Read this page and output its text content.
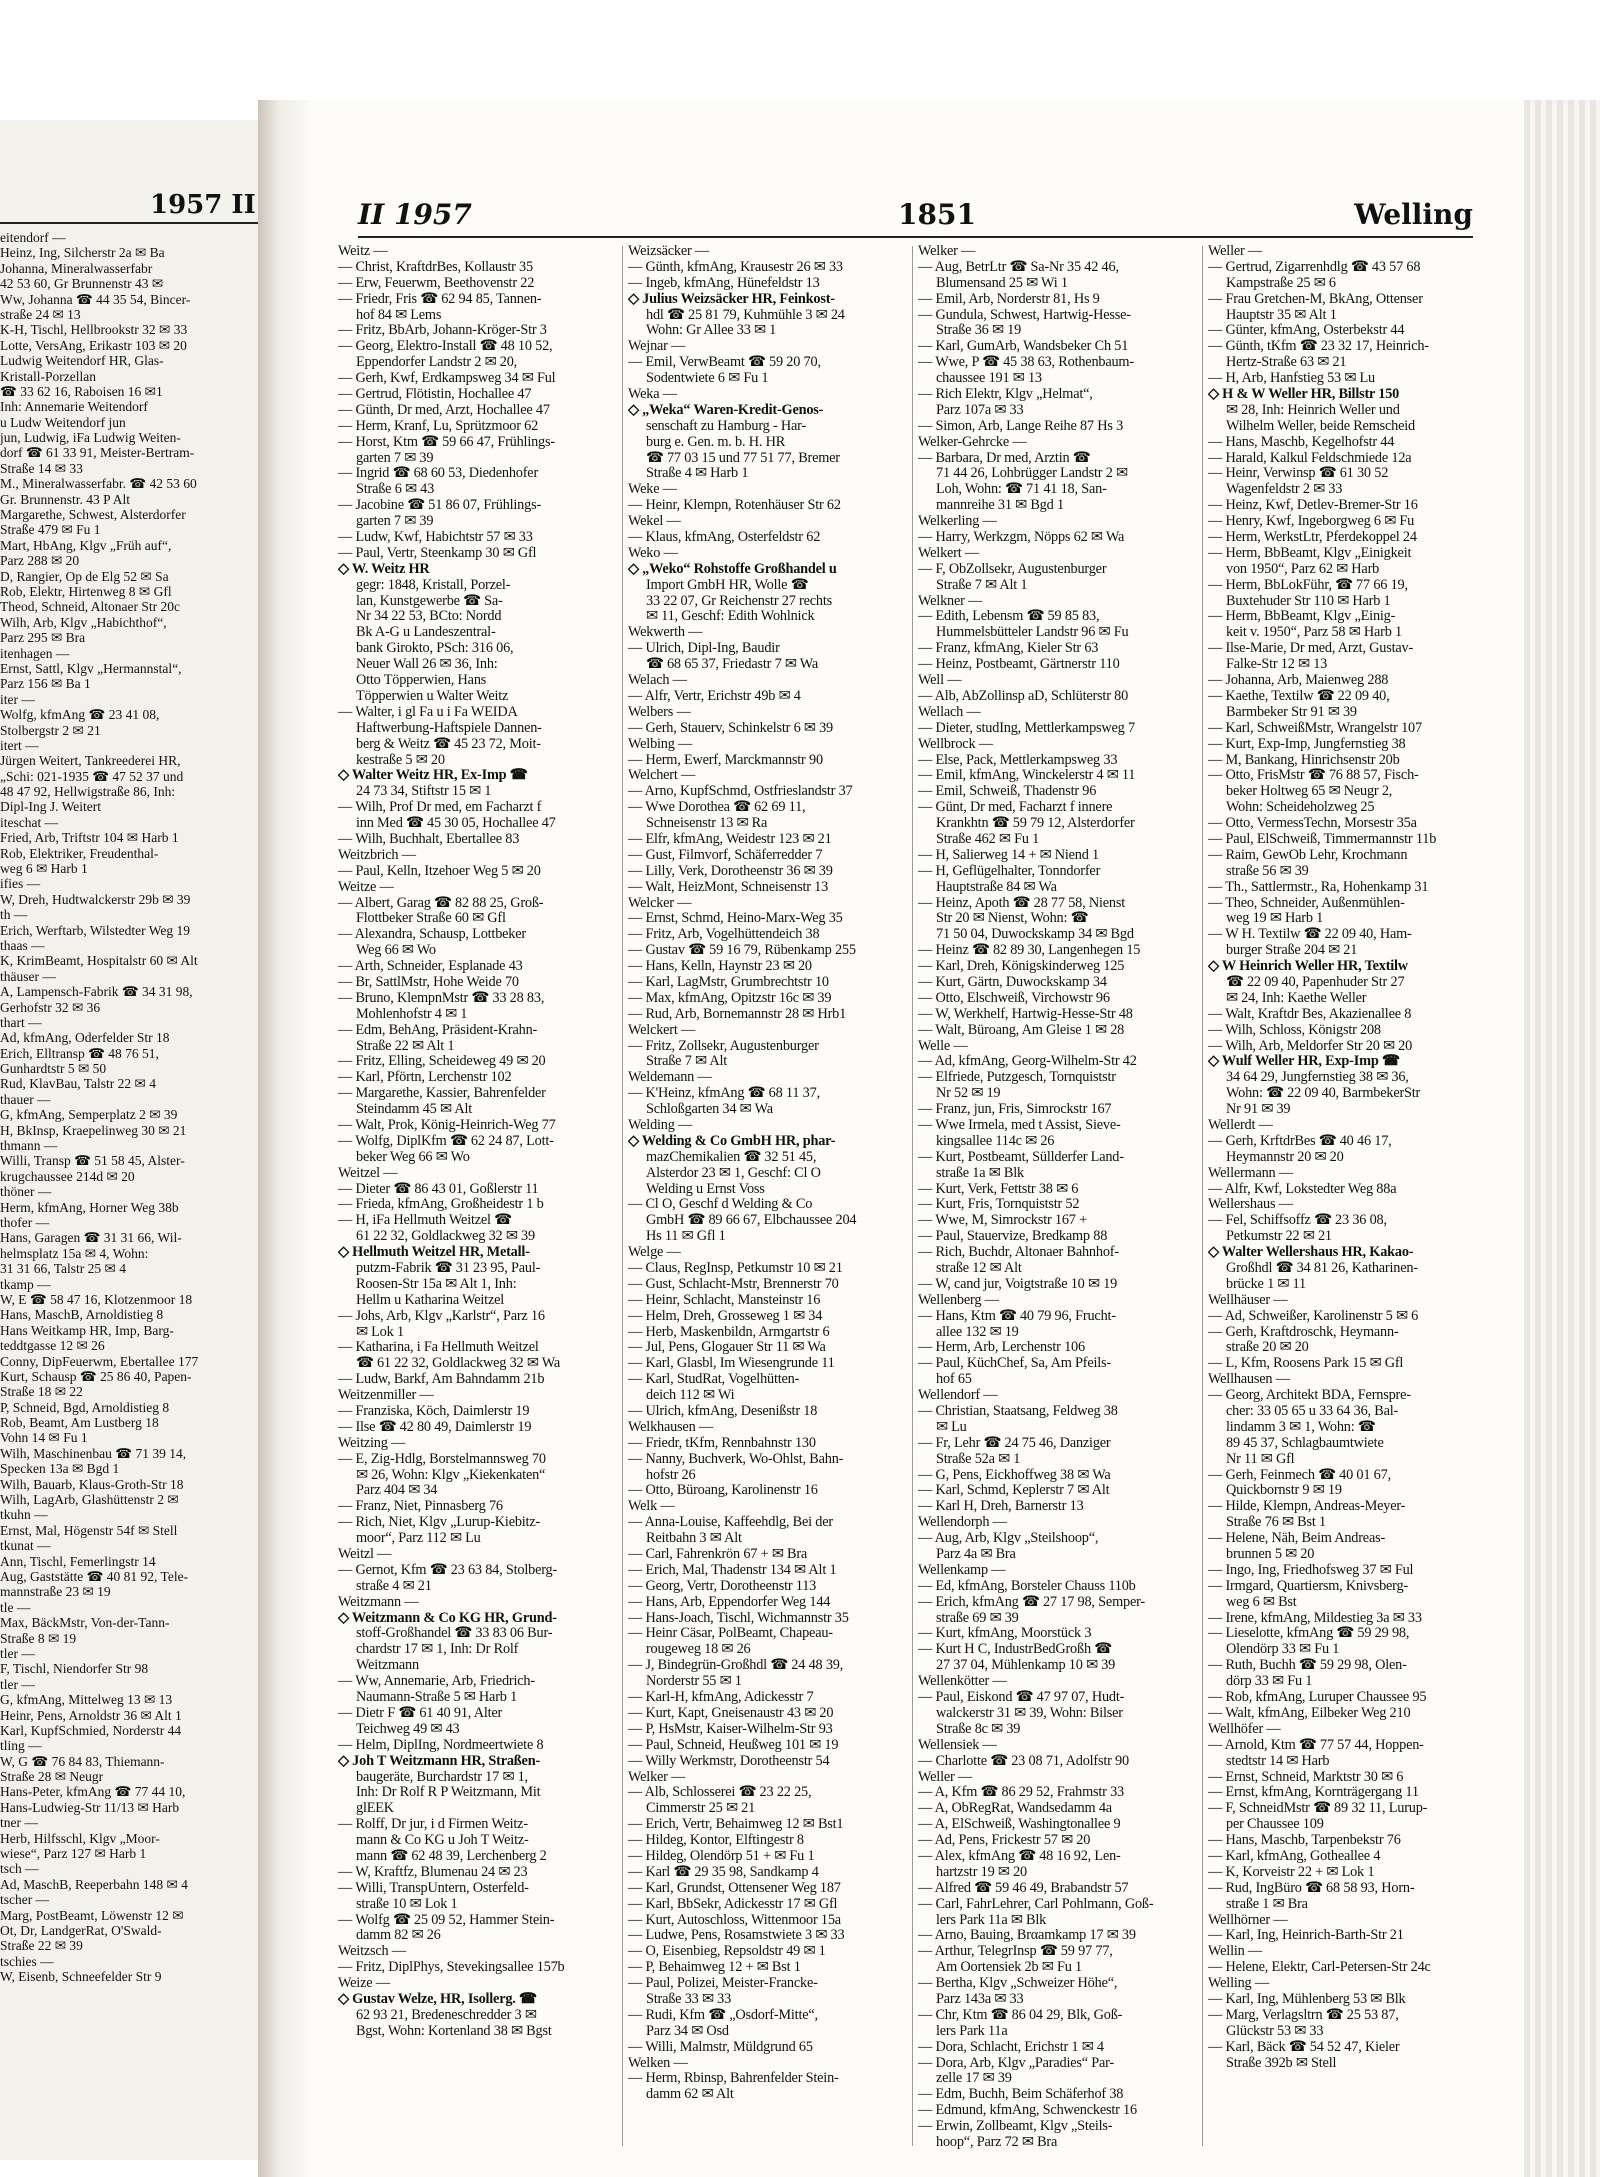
1957 II
eitendorf —
Heinz, Ing, Silcherstr 2a ✉ Ba
Johanna, Mineralwasserfabr
42 53 60, Gr Brunnenstr 43 ✉
Ww, Johanna ☎ 44 35 54, Bincer-
straße 24 ✉ 13
K-H, Tischl, Hellbrookstr 32 ✉ 33
Lotte, VersAng, Erikastr 103 ✉ 20
Ludwig Weitendorf HR, Glas-
Kristall-Porzellan
☎ 33 62 16, Raboisen 16 ✉1
Inh: Annemarie Weitendorf
u Ludw Weitendorf jun
jun, Ludwig, iFa Ludwig Weiten-
dorf ☎ 61 33 91, Meister-Bertram-
Straße 14 ✉ 33
M., Mineralwasserfabr. ☎ 42 53 60
Gr. Brunnenstr. 43 P Alt
Margarethe, Schwest, Alsterdorfer
Straße 479 ✉ Fu 1
Mart, HbAng, Klgv „Früh auf“,
Parz 288 ✉ 20
D, Rangier, Op de Elg 52 ✉ Sa
Rob, Elektr, Hirtenweg 8 ✉ Gfl
Theod, Schneid, Altonaer Str 20c
Wilh, Arb, Klgv „Habichthof“,
Parz 295 ✉ Bra
itenhagen —
Ernst, Sattl, Klgv „Hermannstal“,
Parz 156 ✉ Ba 1
iter —
Wolfg, kfmAng ☎ 23 41 08,
Stolbergstr 2 ✉ 21
itert —
Jürgen Weitert, Tankreederei HR,
„Schi: 021-1935 ☎ 47 52 37 und
48 47 92, Hellwigstraße 86, Inh:
Dipl-Ing J. Weitert
iteschat —
Fried, Arb, Triftstr 104 ✉ Harb 1
Rob, Elektriker, Freudenthal-
weg 6 ✉ Harb 1
ifies —
W, Dreh, Hudtwalckerstr 29b ✉ 39
th —
Erich, Werftarb, Wilstedter Weg 19
thaas —
K, KrimBeamt, Hospitalstr 60 ✉ Alt
thäuser —
A, Lampensch-Fabrik ☎ 34 31 98,
Gerhofstr 32 ✉ 36
thart —
Ad, kfmAng, Oderfelder Str 18
Erich, Elltransp ☎ 48 76 51,
Gunhardtstr 5 ✉ 50
Rud, KlavBau, Talstr 22 ✉ 4
thauer —
G, kfmAng, Semperplatz 2 ✉ 39
H, BkInsp, Kraepelinweg 30 ✉ 21
thmann —
Willi, Transp ☎ 51 58 45, Alster-
krugchaussee 214d ✉ 20
thöner —
Herm, kfmAng, Horner Weg 38b
thofer —
Hans, Garagen ☎ 31 31 66, Wil-
helmsplatz 15a ✉ 4, Wohn:
31 31 66, Talstr 25 ✉ 4
tkamp —
W, E ☎ 58 47 16, Klotzenmoor 18
Hans, MaschB, Arnoldistieg 8
Hans Weitkamp HR, Imp, Barg-
teddtgasse 12 ✉ 26
Conny, DipFeuerwm, Ebertallee 177
Kurt, Schausp ☎ 25 86 40, Papen-
Straße 18 ✉ 22
P, Schneid, Bgd, Arnoldistieg 8
Rob, Beamt, Am Lustberg 18
Vohn 14 ✉ Fu 1
Wilh, Maschinenbau ☎ 71 39 14,
Specken 13a ✉ Bgd 1
Wilh, Bauarb, Klaus-Groth-Str 18
Wilh, LagArb, Glashüttenstr 2 ✉
tkuhn —
Ernst, Mal, Högenstr 54f ✉ Stell
tkunat —
Ann, Tischl, Femerlingstr 14
Aug, Gaststätte ☎ 40 81 92, Tele-
mannstraße 23 ✉ 19
tle —
Max, BäckMstr, Von-der-Tann-
Straße 8 ✉ 19
tler —
F, Tischl, Niendorfer Str 98
tler —
G, kfmAng, Mittelweg 13 ✉ 13
Heinr, Pens, Arnoldstr 36 ✉ Alt 1
Karl, KupfSchmied, Norderstr 44
tling —
W, G ☎ 76 84 83, Thiemann-
Straße 28 ✉ Neugr
Hans-Peter, kfmAng ☎ 77 44 10,
Hans-Ludwieg-Str 11/13 ✉ Harb
tner —
Herb, Hilfsschl, Klgv „Moor-
wiese“, Parz 127 ✉ Harb 1
tsch —
Ad, MaschB, Reeperbahn 148 ✉ 4
tscher —
Marg, PostBeamt, Löwenstr 12 ✉
Ot, Dr, LandgerRat, O'Swald-
Straße 22 ✉ 39
tschies —
W, Eisenb, Schneefelder Str 9
II 1957	1851	Welling
Weitz —
— Christ, KraftdrBes, Kollaustr 35
— Erw, Feuerwm, Beethovenstr 22
— Friedr, Fris ☎ 62 94 85, Tannen-
hof 84 ✉ Lems
— Fritz, BbArb, Johann-Kröger-Str 3
— Georg, Elektro-Install ☎ 48 10 52,
Eppendorfer Landstr 2 ✉ 20,
— Gerh, Kwf, Erdkampsweg 34 ✉ Ful
— Gertrud, Flötistin, Hochallee 47
— Günth, Dr med, Arzt, Hochallee 47
— Herm, Kranf, Lu, Sprützmoor 62
— Horst, Ktm ☎ 59 66 47, Frühlings-
garten 7 ✉ 39
— Ingrid ☎ 68 60 53, Diedenhofer
Straße 6 ✉ 43
— Jacobine ☎ 51 86 07, Frühlings-
garten 7 ✉ 39
— Ludw, Kwf, Habichtstr 57 ✉ 33
— Paul, Vertr, Steenkamp 30 ✉ Gfl
◇ W. Weitz HR
gegr: 1848, Kristall, Porzel-
lan, Kunstgewerbe ☎ Sa-
Nr 34 22 53, BCto: Nordd
Bk A-G u Landeszentral-
bank Girokto, PSch: 316 06,
Neuer Wall 26 ✉ 36, Inh:
Otto Töpperwien, Hans
Töpperwien u Walter Weitz
— Walter, i gl Fa u i Fa WEIDA
Haftwerbung-Haftspiele Dannen-
berg & Weitz ☎ 45 23 72, Moit-
kestraße 5 ✉ 20
◇ Walter Weitz HR, Ex-Imp ☎
24 73 34, Stiftstr 15 ✉ 1
— Wilh, Prof Dr med, em Facharzt f
inn Med ☎ 45 30 05, Hochallee 47
— Wilh, Buchhalt, Ebertallee 83
Weitzbrich —
— Paul, Kelln, Itzehoer Weg 5 ✉ 20
Weitze —
— Albert, Garag ☎ 82 88 25, Groß-
Flottbeker Straße 60 ✉ Gfl
— Alexandra, Schausp, Lottbeker
Weg 66 ✉ Wo
— Arth, Schneider, Esplanade 43
— Br, SattlMstr, Hohe Weide 70
— Bruno, KlempnMstr ☎ 33 28 83,
Mohlenhofstr 4 ✉ 1
— Edm, BehAng, Präsident-Krahn-
Straße 22 ✉ Alt 1
— Fritz, Elling, Scheideweg 49 ✉ 20
— Karl, Pförtn, Lerchenstr 102
— Margarethe, Kassier, Bahrenfelder
Steindamm 45 ✉ Alt
— Walt, Prok, König-Heinrich-Weg 77
— Wolfg, DiplKfm ☎ 62 24 87, Lott-
beker Weg 66 ✉ Wo
Weitzel —
— Dieter ☎ 86 43 01, Goßlerstr 11
— Frieda, kfmAng, Großheidestr 1 b
— H, iFa Hellmuth Weitzel ☎
61 22 32, Goldlackweg 32 ✉ 39
◇ Hellmuth Weitzel HR, Metall-
putzm-Fabrik ☎ 31 23 95, Paul-
Roosen-Str 15a ✉ Alt 1, Inh:
Hellm u Katharina Weitzel
— Johs, Arb, Klgv „Karlstr“, Parz 16
✉ Lok 1
— Katharina, i Fa Hellmuth Weitzel
☎ 61 22 32, Goldlackweg 32 ✉ Wa
— Ludw, Barkf, Am Bahndamm 21b
Weitzenmiller —
— Franziska, Köch, Daimlerstr 19
— Ilse ☎ 42 80 49, Daimlerstr 19
Weitzing —
— E, Zig-Hdlg, Borstelmannsweg 70
✉ 26, Wohn: Klgv „Kiekenkaten“
Parz 404 ✉ 34
— Franz, Niet, Pinnasberg 76
— Rich, Niet, Klgv „Lurup-Kiebitz-
moor“, Parz 112 ✉ Lu
Weitzl —
— Gernot, Kfm ☎ 23 63 84, Stolberg-
straße 4 ✉ 21
Weitzmann —
◇ Weitzmann & Co KG HR, Grund-
stoff-Großhandel ☎ 33 83 06 Bur-
chardstr 17 ✉ 1, Inh: Dr Rolf
Weitzmann
— Ww, Annemarie, Arb, Friedrich-
Naumann-Straße 5 ✉ Harb 1
— Dietr F ☎ 61 40 91, Alter
Teichweg 49 ✉ 43
— Helm, DiplIng, Nordmeertwiete 8
◇ Joh T Weitzmann HR, Straßen-
baugeräte, Burchardstr 17 ✉ 1,
Inh: Dr Rolf R P Weitzmann, Mit
glEEK
— Rolff, Dr jur, i d Firmen Weitz-
mann & Co KG u Joh T Weitz-
mann ☎ 62 48 39, Lerchenberg 2
— W, Kraftfz, Blumenau 24 ✉ 23
— Willi, TranspUntern, Osterfeld-
straße 10 ✉ Lok 1
— Wolfg ☎ 25 09 52, Hammer Stein-
damm 82 ✉ 26
Weitzsch —
— Fritz, DiplPhys, Stevekingsallee 157b
Weize —
◇ Gustav Welze, HR, Isollerg. ☎
62 93 21, Bredeneschredder 3 ✉
Bgst, Wohn: Kortenland 38 ✉ Bgst
Weizsäcker —
— Günth, kfmAng, Krausestr 26 ✉ 33
— Ingeb, kfmAng, Hünefeldstr 13
◇ Julius Weizsäcker HR, Feinkost-
hdl ☎ 25 81 79, Kuhmühle 3 ✉ 24
Wohn: Gr Allee 33 ✉ 1
Wejnar —
— Emil, VerwBeamt ☎ 59 20 70,
Sodentwiete 6 ✉ Fu 1
Weka —
◇ „Weka“ Waren-Kredit-Genos-
senschaft zu Hamburg - Har-
burg e. Gen. m. b. H. HR
☎ 77 03 15 und 77 51 77, Bremer
Straße 4 ✉ Harb 1
Weke —
— Heinr, Klempn, Rotenhäuser Str 62
Wekel —
— Klaus, kfmAng, Osterfeldstr 62
Weko —
◇ „Weko“ Rohstoffe Großhandel u
Import GmbH HR, Wolle ☎
33 22 07, Gr Reichenstr 27 rechts
✉ 11, Geschf: Edith Wohlnick
Wekwerth —
— Ulrich, Dipl-Ing, Baudir
☎ 68 65 37, Friedastr 7 ✉ Wa
Welach —
— Alfr, Vertr, Erichstr 49b ✉ 4
Welbers —
— Gerh, Stauerv, Schinkelstr 6 ✉ 39
Welbing —
— Herm, Ewerf, Marckmannstr 90
Welchert —
— Arno, KupfSchmd, Ostfrieslandstr 37
— Wwe Dorothea ☎ 62 69 11,
Schneisenstr 13 ✉ Ra
— Elfr, kfmAng, Weidestr 123 ✉ 21
— Gust, Filmvorf, Schäferredder 7
— Lilly, Verk, Dorotheenstr 36 ✉ 39
— Walt, HeizMont, Schneisenstr 13
Welcker —
— Ernst, Schmd, Heino-Marx-Weg 35
— Fritz, Arb, Vogelhüttendeich 38
— Gustav ☎ 59 16 79, Rübenkamp 255
— Hans, Kelln, Haynstr 23 ✉ 20
— Karl, LagMstr, Grumbrechtstr 10
— Max, kfmAng, Opitzstr 16c ✉ 39
— Rud, Arb, Bornemannstr 28 ✉ Hrb1
Welckert —
— Fritz, Zollsekr, Augustenburger
Straße 7 ✉ Alt
Weldemann —
— K'Heinz, kfmAng ☎ 68 11 37,
Schloßgarten 34 ✉ Wa
Welding —
◇ Welding & Co GmbH HR, phar-
mazChemikalien ☎ 32 51 45,
Alsterdor 23 ✉ 1, Geschf: Cl O
Welding u Ernst Voss
— Cl O, Geschf d Welding & Co
GmbH ☎ 89 66 67, Elbchaussee 204
Hs 11 ✉ Gfl 1
Welge —
— Claus, RegInsp, Petkumstr 10 ✉ 21
— Gust, Schlacht-Mstr, Brennerstr 70
— Heinr, Schlacht, Mansteinstr 16
— Helm, Dreh, Grosseweg 1 ✉ 34
— Herb, Maskenbildn, Armgartstr 6
— Jul, Pens, Glogauer Str 11 ✉ Wa
— Karl, Glasbl, Im Wiesengrunde 11
— Karl, StudRat, Vogelhütten-
deich 112 ✉ Wi
— Ulrich, kfmAng, Desenißstr 18
Welkhausen —
— Friedr, tKfm, Rennbahnstr 130
— Nanny, Buchverk, Wo-Ohlst, Bahn-
hofstr 26
— Otto, Büroang, Karolinenstr 16
Welk —
— Anna-Louise, Kaffeehdlg, Bei der
Reitbahn 3 ✉ Alt
— Carl, Fahrenkrön 67 + ✉ Bra
— Erich, Mal, Thadenstr 134 ✉ Alt 1
— Georg, Vertr, Dorotheenstr 113
— Hans, Arb, Eppendorfer Weg 144
— Hans-Joach, Tischl, Wichmannstr 35
— Heinr Cäsar, PolBeamt, Chapeau-
rougeweg 18 ✉ 26
— J, Bindegrün-Großhdl ☎ 24 48 39,
Norderstr 55 ✉ 1
— Karl-H, kfmAng, Adickesstr 7
— Kurt, Kapt, Gneisenaustr 43 ✉ 20
— P, HsMstr, Kaiser-Wilhelm-Str 93
— Paul, Schneid, Heußweg 101 ✉ 19
— Willy Werkmstr, Dorotheenstr 54
Welker —
— Alb, Schlosserei ☎ 23 22 25,
Cimmerstr 25 ✉ 21
— Erich, Vertr, Behaimweg 12 ✉ Bst1
— Hildeg, Kontor, Elftingestr 8
— Hildeg, Olendörp 51 + ✉ Fu 1
— Karl ☎ 29 35 98, Sandkamp 4
— Karl, Grundst, Ottensener Weg 187
— Karl, BbSekr, Adickesstr 17 ✉ Gfl
— Kurt, Autoschloss, Wittenmoor 15a
— Ludwe, Pens, Rosamstwiete 3 ✉ 33
— O, Eisenbieg, Repsoldstr 49 ✉ 1
— P, Behaimweg 12 + ✉ Bst 1
— Paul, Polizei, Meister-Francke-
Straße 33 ✉ 33
— Rudi, Kfm ☎ „Osdorf-Mitte“,
Parz 34 ✉ Osd
— Willi, Malmstr, Müldgrund 65
Welken —
— Herm, Rbinsp, Bahrenfelder Stein-
damm 62 ✉ Alt
Welker —
— Aug, BetrLtr ☎ Sa-Nr 35 42 46,
Blumensand 25 ✉ Wi 1
— Emil, Arb, Norderstr 81, Hs 9
— Gundula, Schwest, Hartwig-Hesse-
Straße 36 ✉ 19
— Karl, GumArb, Wandsbeker Ch 51
— Wwe, P ☎ 45 38 63, Rothenbaum-
chaussee 191 ✉ 13
— Rich Elektr, Klgv „Helmat“,
Parz 107a ✉ 33
— Simon, Arb, Lange Reihe 87 Hs 3
Welker-Gehrcke —
— Barbara, Dr med, Arztin ☎
71 44 26, Lohbrügger Landstr 2 ✉
Loh, Wohn: ☎ 71 41 18, San-
mannreihe 31 ✉ Bgd 1
Welkerling —
— Harry, Werkzgm, Nöpps 62 ✉ Wa
Welkert —
— F, ObZollsekr, Augustenburger
Straße 7 ✉ Alt 1
Welkner —
— Edith, Lebensm ☎ 59 85 83,
Hummelsbütteler Landstr 96 ✉ Fu
— Franz, kfmAng, Kieler Str 63
— Heinz, Postbeamt, Gärtnerstr 110
Well —
— Alb, AbZollinsp aD, Schlüterstr 80
Wellach —
— Dieter, studIng, Mettlerkampsweg 7
Wellbrock —
— Else, Pack, Mettlerkampsweg 33
— Emil, kfmAng, Winckelerstr 4 ✉ 11
— Emil, Schweiß, Thadenstr 96
— Günt, Dr med, Facharzt f innere
Krankhtn ☎ 59 79 12, Alsterdorfer
Straße 462 ✉ Fu 1
— H, Salierweg 14 + ✉ Niend 1
— H, Geflügelhalter, Tonndorfer
Hauptstraße 84 ✉ Wa
— Heinz, Apoth ☎ 28 77 58, Nienst
Str 20 ✉ Nienst, Wohn: ☎
71 50 04, Duwockskamp 34 ✉ Bgd
— Heinz ☎ 82 89 30, Langenhegen 15
— Karl, Dreh, Königskinderweg 125
— Kurt, Gärtn, Duwockskamp 34
— Otto, Elschweiß, Virchowstr 96
— W, Werkhelf, Hartwig-Hesse-Str 48
— Walt, Büroang, Am Gleise 1 ✉ 28
Welle —
— Ad, kfmAng, Georg-Wilhelm-Str 42
— Elfriede, Putzgesch, Tornquiststr
Nr 52 ✉ 19
— Franz, jun, Fris, Simrockstr 167
— Wwe Irmela, med t Assist, Sieve-
kingsallee 114c ✉ 26
— Kurt, Postbeamt, Süllderfer Land-
straße 1a ✉ Blk
— Kurt, Verk, Fettstr 38 ✉ 6
— Kurt, Fris, Tornquiststr 52
— Wwe, M, Simrockstr 167 +
— Paul, Stauervize, Bredkamp 88
— Rich, Buchdr, Altonaer Bahnhof-
straße 12 ✉ Alt
— W, cand jur, Voigtstraße 10 ✉ 19
Wellenberg —
— Hans, Ktm ☎ 40 79 96, Frucht-
allee 132 ✉ 19
— Herm, Arb, Lerchenstr 106
— Paul, KüchChef, Sa, Am Pfeils-
hof 65
Wellendorf —
— Christian, Staatsang, Feldweg 38
✉ Lu
— Fr, Lehr ☎ 24 75 46, Danziger
Straße 52a ✉ 1
— G, Pens, Eickhoffweg 38 ✉ Wa
— Karl, Schmd, Keplerstr 7 ✉ Alt
— Karl H, Dreh, Barnerstr 13
Wellendorph —
— Aug, Arb, Klgv „Steilshoop“,
Parz 4a ✉ Bra
Wellenkamp —
— Ed, kfmAng, Borsteler Chauss 110b
— Erich, kfmAng ☎ 27 17 98, Semper-
straße 69 ✉ 39
— Kurt, kfmAng, Moorstück 3
— Kurt H C, IndustrBedGroßh ☎
27 37 04, Mühlenkamp 10 ✉ 39
Wellenkötter —
— Paul, Eiskond ☎ 47 97 07, Hudt-
walckerstr 31 ✉ 39, Wohn: Bilser
Straße 8c ✉ 39
Wellensiek —
— Charlotte ☎ 23 08 71, Adolfstr 90
Weller —
— A, Kfm ☎ 86 29 52, Frahmstr 33
— A, ObRegRat, Wandsedamm 4a
— A, ElSchweiß, Washingtonallee 9
— Ad, Pens, Frickestr 57 ✉ 20
— Alex, kfmAng ☎ 48 16 92, Len-
hartzstr 19 ✉ 20
— Alfred ☎ 59 46 49, Brabandstr 57
— Carl, FahrLehrer, Carl Pohlmann, Goß-
lers Park 11a ✉ Blk
— Arno, Bauing, Brαamkamp 17 ✉ 39
— Arthur, TelegrInsp ☎ 59 97 77,
Am Oortensiek 2b ✉ Fu 1
— Bertha, Klgv „Schweizer Höhe“,
Parz 143a ✉ 33
— Chr, Ktm ☎ 86 04 29, Blk, Goß-
lers Park 11a
— Dora, Schlacht, Erichstr 1 ✉ 4
— Dora, Arb, Klgv „Paradies“ Par-
zelle 17 ✉ 39
— Edm, Buchh, Beim Schäferhof 38
— Edmund, kfmAng, Schwenckestr 16
— Erwin, Zollbeamt, Klgv „Steils-
hoop“, Parz 72 ✉ Bra
Weller —
— Gertrud, Zigarrenhdlg ☎ 43 57 68
Kampstraße 25 ✉ 6
— Frau Gretchen-M, BkAng, Ottenser
Hauptstr 35 ✉ Alt 1
— Günter, kfmAng, Osterbekstr 44
— Günth, tKfm ☎ 23 32 17, Heinrich-
Hertz-Straße 63 ✉ 21
— H, Arb, Hanfstieg 53 ✉ Lu
◇ H & W Weller HR, Billstr 150
✉ 28, Inh: Heinrich Weller und
Wilhelm Weller, beide Remscheid
— Hans, Maschb, Kegelhofstr 44
— Harald, Kalkul Feldschmiede 12a
— Heinr, Verwinsp ☎ 61 30 52
Wagenfeldstr 2 ✉ 33
— Heinz, Kwf, Detlev-Bremer-Str 16
— Henry, Kwf, Ingeborgweg 6 ✉ Fu
— Herm, WerkstLtr, Pferdekoppel 24
— Herm, BbBeamt, Klgv „Einigkeit
von 1950“, Parz 62 ✉ Harb
— Herm, BbLokFühr, ☎ 77 66 19,
Buxtehuder Str 110 ✉ Harb 1
— Herm, BbBeamt, Klgv „Einig-
keit v. 1950“, Parz 58 ✉ Harb 1
— Ilse-Marie, Dr med, Arzt, Gustav-
Falke-Str 12 ✉ 13
— Johanna, Arb, Maienweg 288
— Kaethe, Textilw ☎ 22 09 40,
Barmbeker Str 91 ✉ 39
— Karl, SchweißMstr, Wrangelstr 107
— Kurt, Exp-Imp, Jungfernstieg 38
— M, Bankang, Hinrichsenstr 20b
— Otto, FrisMstr ☎ 76 88 57, Fisch-
beker Holtweg 65 ✉ Neugr 2,
Wohn: Scheideholzweg 25
— Otto, VermessTechn, Morsestr 35a
— Paul, ElSchweiß, Timmermannstr 11b
— Raim, GewOb Lehr, Krochmann
straße 56 ✉ 39
— Th., Sattlermstr., Ra, Hohenkamp 31
— Theo, Schneider, Außenmühlen-
weg 19 ✉ Harb 1
— W H. Textilw ☎ 22 09 40, Ham-
burger Straße 204 ✉ 21
◇ W Heinrich Weller HR, Textilw
☎ 22 09 40, Papenhuder Str 27
✉ 24, Inh: Kaethe Weller
— Walt, Kraftdr Bes, Akazienallee 8
— Wilh, Schloss, Königstr 208
— Wilh, Arb, Meldorfer Str 20 ✉ 20
◇ Wulf Weller HR, Exp-Imp ☎
34 64 29, Jungfernstieg 38 ✉ 36,
Wohn: ☎ 22 09 40, BarmbekerStr
Nr 91 ✉ 39
Wellerdt —
— Gerh, KrftdrBes ☎ 40 46 17,
Heymannstr 20 ✉ 20
Wellermann —
— Alfr, Kwf, Lokstedter Weg 88a
Wellershaus —
— Fel, Schiffsoffz ☎ 23 36 08,
Petkumstr 22 ✉ 21
◇ Walter Wellershaus HR, Kakao-
Großhdl ☎ 34 81 26, Katharinen-
brücke 1 ✉ 11
Wellhäuser —
— Ad, Schweißer, Karolinenstr 5 ✉ 6
— Gerh, Kraftdroschk, Heymann-
straße 20 ✉ 20
— L, Kfm, Roosens Park 15 ✉ Gfl
Wellhausen —
— Georg, Architekt BDA, Fernspre-
cher: 33 05 65 u 33 64 36, Bal-
lindamm 3 ✉ 1, Wohn: ☎
89 45 37, Schlagbaumtwiete
Nr 11 ✉ Gfl
— Gerh, Feinmech ☎ 40 01 67,
Quickbornstr 9 ✉ 19
— Hilde, Klempn, Andreas-Meyer-
Straße 76 ✉ Bst 1
— Helene, Näh, Beim Andreas-
brunnen 5 ✉ 20
— Ingo, Ing, Friedhofsweg 37 ✉ Ful
— Irmgard, Quartiersm, Knivsberg-
weg 6 ✉ Bst
— Irene, kfmAng, Mildestieg 3a ✉ 33
— Lieselotte, kfmAng ☎ 59 29 98,
Olendörp 33 ✉ Fu 1
— Ruth, Buchh ☎ 59 29 98, Olen-
dörp 33 ✉ Fu 1
— Rob, kfmAng, Luruper Chaussee 95
— Walt, kfmAng, Eilbeker Weg 210
Wellhöfer —
— Arnold, Ktm ☎ 77 57 44, Hoppen-
stedtstr 14 ✉ Harb
— Ernst, Schneid, Marktstr 30 ✉ 6
— Ernst, kfmAng, Kornträgergang 11
— F, SchneidMstr ☎ 89 32 11, Lurup-
per Chaussee 109
— Hans, Maschb, Tarpenbekstr 76
— Karl, kfmAng, Gotheallee 4
— K, Korveistr 22 + ✉ Lok 1
— Rud, IngBüro ☎ 68 58 93, Horn-
straße 1 ✉ Bra
Wellhörner —
— Karl, Ing, Heinrich-Barth-Str 21
Wellin —
— Helene, Elektr, Carl-Petersen-Str 24c
Welling —
— Karl, Ing, Mühlenberg 53 ✉ Blk
— Marg, Verlagsltrn ☎ 25 53 87,
Glückstr 53 ✉ 33
— Karl, Bäck ☎ 54 52 47, Kieler
Straße 392b ✉ Stell
